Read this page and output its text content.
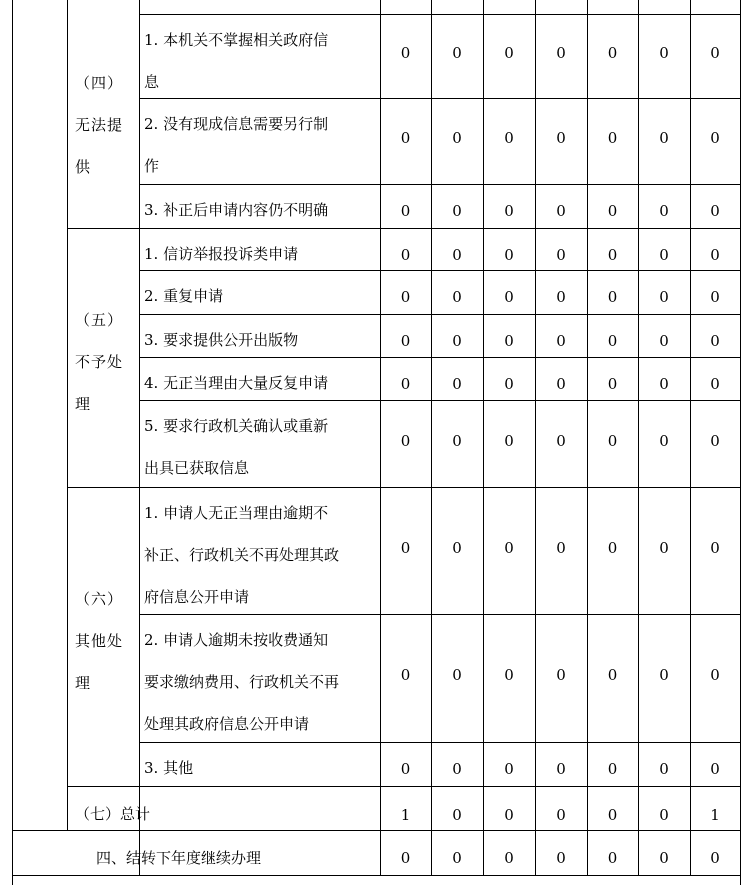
（四）
无法提
供
1. 本机关不掌握相关政府信
息
0	0	0	0	0	0	0
2. 没有现成信息需要另行制
作
0	0	0	0	0	0	0
3. 补正后申请内容仍不明确	0	0	0	0	0	0	0
（五）
不予处
理
1. 信访举报投诉类申请	0	0	0	0	0	0	0
2. 重复申请	0	0	0	0	0	0	0
3. 要求提供公开出版物	0	0	0	0	0	0	0
4. 无正当理由大量反复申请	0	0	0	0	0	0	0
5. 要求行政机关确认或重新
出具已获取信息
0	0	0	0	0	0	0
（六）
其他处
理
1. 申请人无正当理由逾期不
补正、行政机关不再处理其政
府信息公开申请
0	0	0	0	0	0	0
2. 申请人逾期未按收费通知
要求缴纳费用、行政机关不再
处理其政府信息公开申请
0	0	0	0	0	0	0
3. 其他	0	0	0	0	0	0	0
（七）总计	1	0	0	0	0	0	1
四、结转下年度继续办理	0	0	0	0	0	0	0
